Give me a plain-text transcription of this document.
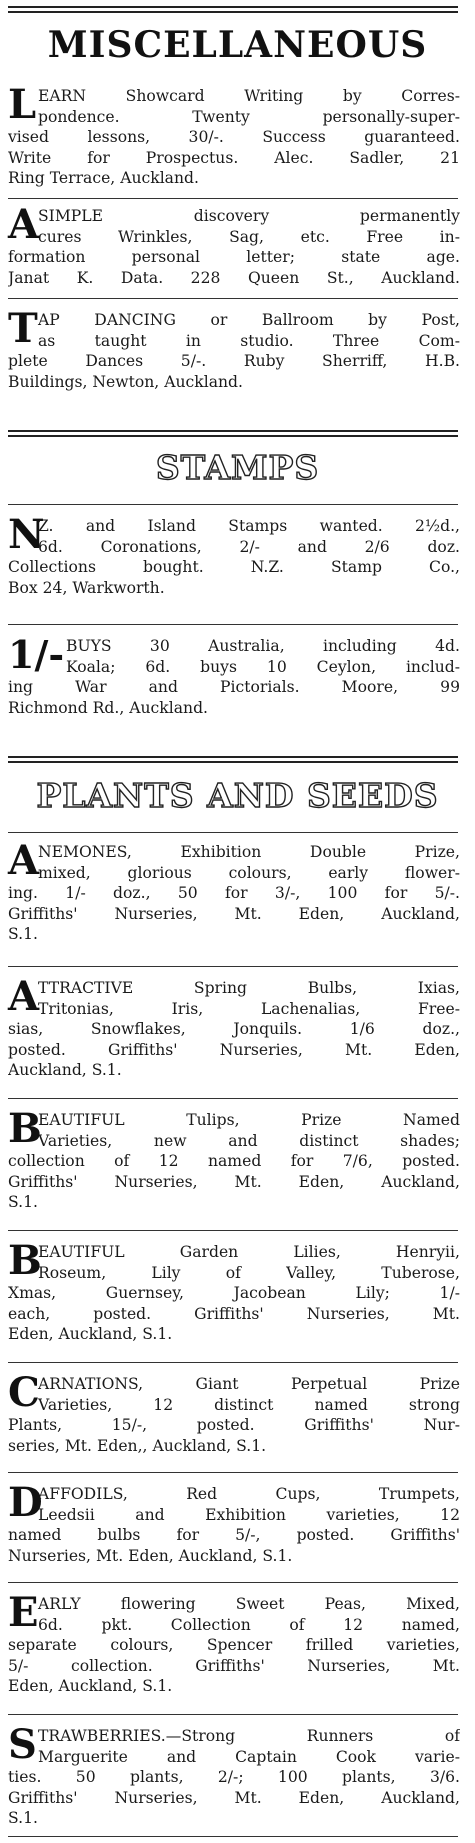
MISCELLANEOUS
L EARN Showcard Writing by Corres-
pondence. Twenty personally-super-
vised lessons, 30/-. Success guaranteed.
Write for Prospectus. Alec. Sadler, 21
Ring Terrace, Auckland.
A
SIMPLE discovery permanently
cures Wrinkles, Sag, etc. Free in-
formation personal letter; state age.
Janat K. Data. 228 Queen St., Auckland.
T AP DANCING or Ballroom by Post,
as taught in studio. Three Com-
plete Dances 5/-. Ruby Sherriff, H.B.
Buildings, Newton, Auckland.
STAMPS
N
Z. and Island Stamps wanted. 2½d.,
6d. Coronations, 2/- and 2/6 doz.
Collections bought. N.Z. Stamp Co.,
Box 24, Warkworth.
1/- BUYS 30 Australia, including 4d.
Koala; 6d. buys 10 Ceylon, includ-
ing War and Pictorials. Moore, 99
Richmond Rd., Auckland.
PLANTS AND SEEDS
A
NEMONES, Exhibition Double Prize,
mixed, glorious colours, early flower-
ing. 1/- doz., 50 for 3/-, 100 for 5/-.
Griffiths' Nurseries, Mt. Eden, Auckland,
S.1.
A
TTRACTIVE Spring Bulbs, Ixias,
Tritonias, Iris, Lachenalias, Free-
sias, Snowflakes, Jonquils. 1/6 doz.,
posted. Griffiths' Nurseries, Mt. Eden,
Auckland, S.1.
B
EAUTIFUL Tulips, Prize Named
Varieties, new and distinct shades;
collection of 12 named for 7/6, posted.
Griffiths' Nurseries, Mt. Eden, Auckland,
S.1.
B
EAUTIFUL Garden Lilies, Henryii,
Roseum, Lily of Valley, Tuberose,
Xmas, Guernsey, Jacobean Lily; 1/-
each, posted. Griffiths' Nurseries, Mt.
Eden, Auckland, S.1.
C
ARNATIONS, Giant Perpetual Prize
Varieties, 12 distinct named strong
Plants, 15/-, posted. Griffiths' Nur-
series, Mt. Eden,, Auckland, S.1.
D
AFFODILS, Red Cups, Trumpets,
Leedsii and Exhibition varieties, 12
named bulbs for 5/-, posted. Griffiths'
Nurseries, Mt. Eden, Auckland, S.1.
E ARLY flowering Sweet Peas, Mixed,
6d. pkt. Collection of 12 named,
separate colours, Spencer frilled varieties,
5/- collection. Griffiths' Nurseries, Mt.
Eden, Auckland, S.1.
S TRAWBERRIES.—Strong Runners of
Marguerite and Captain Cook varie-
ties. 50 plants, 2/-; 100 plants, 3/6.
Griffiths' Nurseries, Mt. Eden, Auckland,
S.1.
